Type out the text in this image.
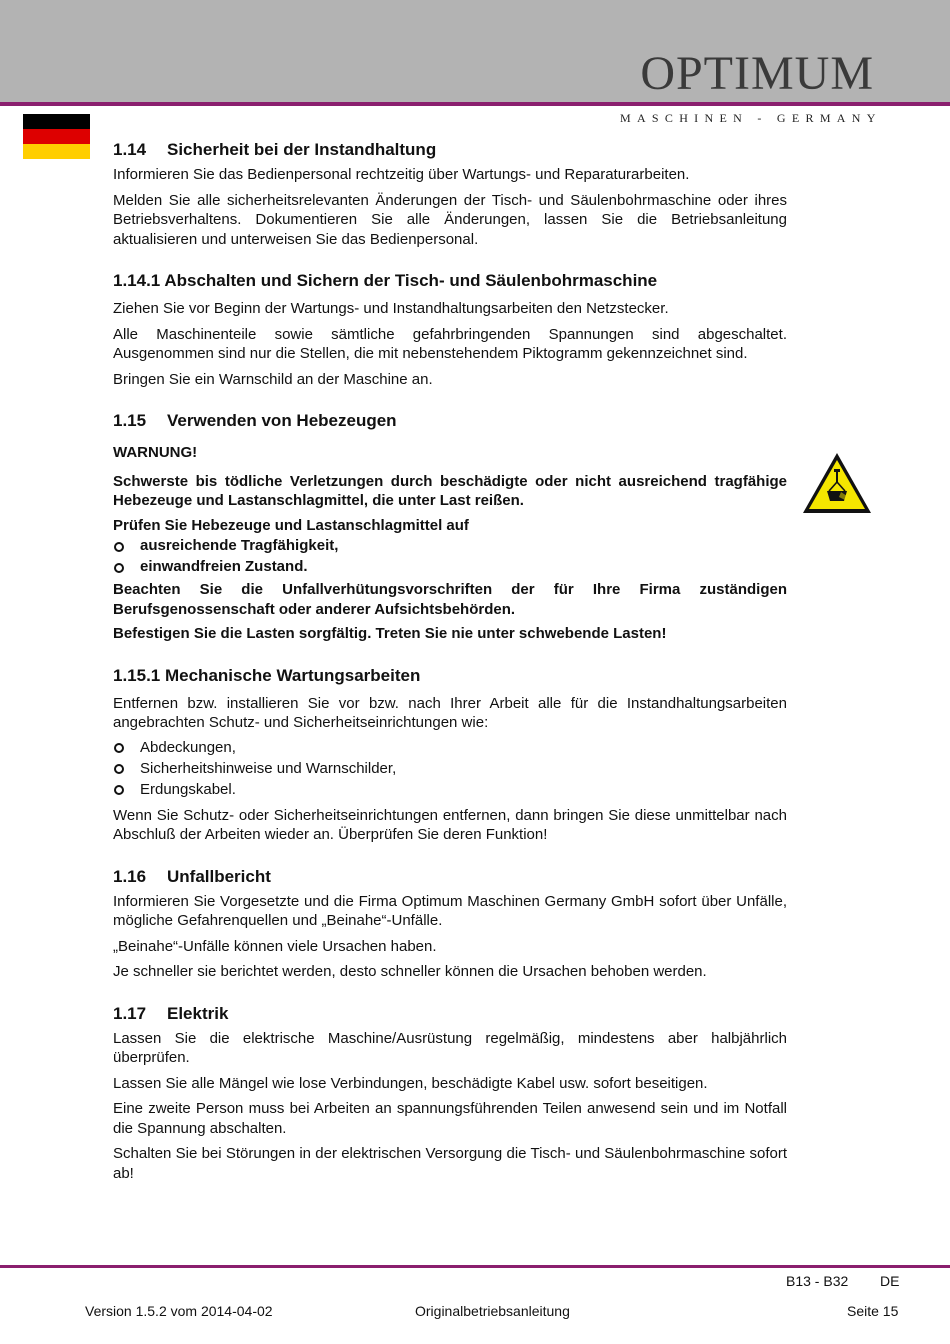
OPTIMUM
MASCHINEN - GERMANY
1.14 Sicherheit bei der Instandhaltung

Informieren Sie das Bedienpersonal rechtzeitig über Wartungs- und Reparaturarbeiten.

Melden Sie alle sicherheitsrelevanten Änderungen der Tisch- und Säulenbohrmaschine oder ihres Betriebsverhaltens. Dokumentieren Sie alle Änderungen, lassen Sie die Betriebsanleitung aktualisieren und unterweisen Sie das Bedienpersonal.

1.14.1 Abschalten und Sichern der Tisch- und Säulenbohrmaschine

Ziehen Sie vor Beginn der Wartungs- und Instandhaltungsarbeiten den Netzstecker.

Alle Maschinenteile sowie sämtliche gefahrbringenden Spannungen sind abgeschaltet. Ausgenommen sind nur die Stellen, die mit nebenstehendem Piktogramm gekennzeichnet sind.

Bringen Sie ein Warnschild an der Maschine an.

1.15 Verwenden von Hebezeugen

WARNUNG!

Schwerste bis tödliche Verletzungen durch beschädigte oder nicht ausreichend tragfähige Hebezeuge und Lastanschlagmittel, die unter Last reißen.

Prüfen Sie Hebezeuge und Lastanschlagmittel auf

ausreichende Tragfähigkeit,
einwandfreien Zustand.

Beachten Sie die Unfallverhütungsvorschriften der für Ihre Firma zuständigen Berufsgenossenschaft oder anderer Aufsichtsbehörden.

Befestigen Sie die Lasten sorgfältig. Treten Sie nie unter schwebende Lasten!

1.15.1 Mechanische Wartungsarbeiten

Entfernen bzw. installieren Sie vor bzw. nach Ihrer Arbeit alle für die Instandhaltungsarbeiten angebrachten Schutz- und Sicherheitseinrichtungen wie:

Abdeckungen,
Sicherheitshinweise und Warnschilder,
Erdungskabel.

Wenn Sie Schutz- oder Sicherheitseinrichtungen entfernen, dann bringen Sie diese unmittelbar nach Abschluß der Arbeiten wieder an. Überprüfen Sie deren Funktion!

1.16 Unfallbericht

Informieren Sie Vorgesetzte und die Firma Optimum Maschinen Germany GmbH sofort über Unfälle, mögliche Gefahrenquellen und „Beinahe“-Unfälle.

„Beinahe“-Unfälle können viele Ursachen haben.

Je schneller sie berichtet werden, desto schneller können die Ursachen behoben werden.

1.17 Elektrik

Lassen Sie die elektrische Maschine/Ausrüstung regelmäßig, mindestens aber halbjährlich überprüfen.

Lassen Sie alle Mängel wie lose Verbindungen, beschädigte Kabel usw. sofort beseitigen.

Eine zweite Person muss bei Arbeiten an spannungsführenden Teilen anwesend sein und im Notfall die Spannung abschalten.

Schalten Sie bei Störungen in der elektrischen Versorgung die Tisch- und Säulenbohrmaschine sofort ab!

B13 - B32 DE
Version 1.5.2 vom 2014-04-02	Originalbetriebsanleitung	Seite 15
